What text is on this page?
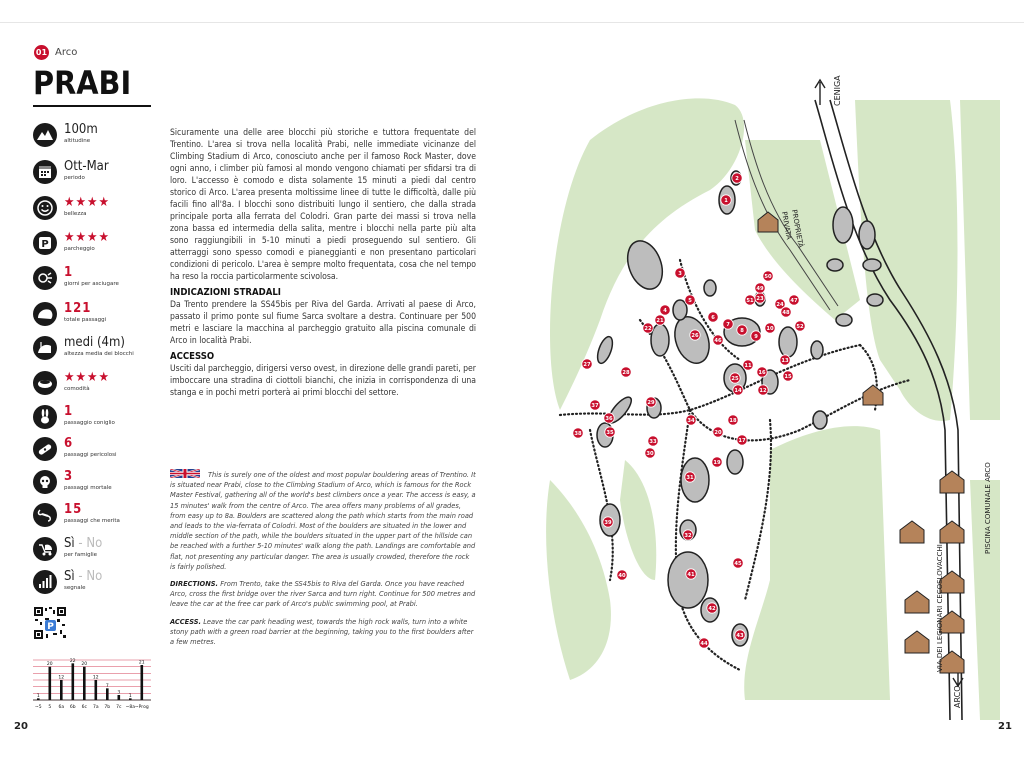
01 Arco
PRABI
100m
altitudine
Ott-Mar
periodo
★★★★
bellezza
P ★★★★
parcheggio
1
giorni per asciugare
121
totale passaggi
medi (4m)
altezza media dei blocchi
★★★★
comodità
1
passaggio coniglio
6
passaggi pericolosi
3
passaggi mortale
15
passaggi che merita
Sì - No
per famiglie
Sì - No
segnale
P
1
~5
20
5
12
6a
22
6b
20
6c
12
7a
7
7b
3
7c
1
~8a
21
~Prog

Sicuramente una delle aree blocchi più storiche e tuttora frequentate del Trentino. L'area si trova nella località Prabi, nelle immediate vicinanze del Climbing Stadium di Arco, conosciuto anche per il famoso Rock Master, dove ogni anno, i climber più famosi al mondo vengono chiamati per sfidarsi tra di loro. L'accesso è comodo e dista solamente 15 minuti a piedi dal centro storico di Arco. L'area presenta moltissime linee di tutte le difficoltà, dalle più facili fino all'8a. I blocchi sono distribuiti lungo il sentiero, che dalla strada principale porta alla ferrata del Colodri. Gran parte dei massi si trova nella zona bassa ed intermedia della salita, mentre i blocchi nella parte più alta sono raggiungibili in 5-10 minuti a piedi proseguendo sul sentiero. Gli atterraggi sono spesso comodi e pianeggianti e non presentano particolari condizioni di pericolo. L'area è sempre molto frequentata, cosa che nel tempo ha reso la roccia particolarmente scivolosa.

INDICAZIONI STRADALI

Da Trento prendere la SS45bis per Riva del Garda. Arrivati al paese di Arco, passato il primo ponte sul fiume Sarca svoltare a destra. Continuare per 500 metri e lasciare la macchina al parcheggio gratuito alla piscina comunale di Arco in località Prabi.

ACCESSO

Usciti dal parcheggio, dirigersi verso ovest, in direzione delle grandi pareti, per imboccare una stradina di ciottoli bianchi, che inizia in corrispondenza di una stanga e in pochi metri porterà ai primi blocchi del settore.

This is surely one of the oldest and most popular bouldering areas of Trentino. It is situated near Prabi, close to the Climbing Stadium of Arco, which is famous for the Rock Master Festival, gathering all of the world's best climbers once a year. The access is easy, a 15 minutes' walk from the centre of Arco. The area offers many problems of all grades, from easy up to 8a. Boulders are scattered along the path which starts from the main road and leads to the via-ferrata of Colodri. Most of the boulders are situated in the lower and middle section of the path, while the boulders situated in the upper part of the hillside can be reached with a further 5-10 minutes' walk along the path. Landings are comfortable and flat, not presenting any particular danger. The area is usually crowded, therefore the rock is fairly polished.

DIRECTIONS. From Trento, take the SS45bis to Riva del Garda. Once you have reached Arco, cross the first bridge over the river Sarca and turn right. Continue for 500 metres and leave the car at the free car park of Arco's public swimming pool, at Prabi.

ACCESS. Leave the car park heading west, towards the high rock walls, turn into a white stony path with a green road barrier at the beginning, taking you to the first boulders after a few metres.

1
2
3
4
5
6
7
8
9
10
11
12
13
14
15
16
17
18
19
20
21
22
23
24
25
26
27
28
29
30
31
32
33
34
35
36
37
38
39
40	41
42
43
44
45
46
47
48
49
50
51
52
CENIGA
ARCO
PROPRIETÀ
PRIVATA
VIA DEI LEGIONARI CECOSLOVACCHI
PISCINA COMUNALE ARCO
20	21
